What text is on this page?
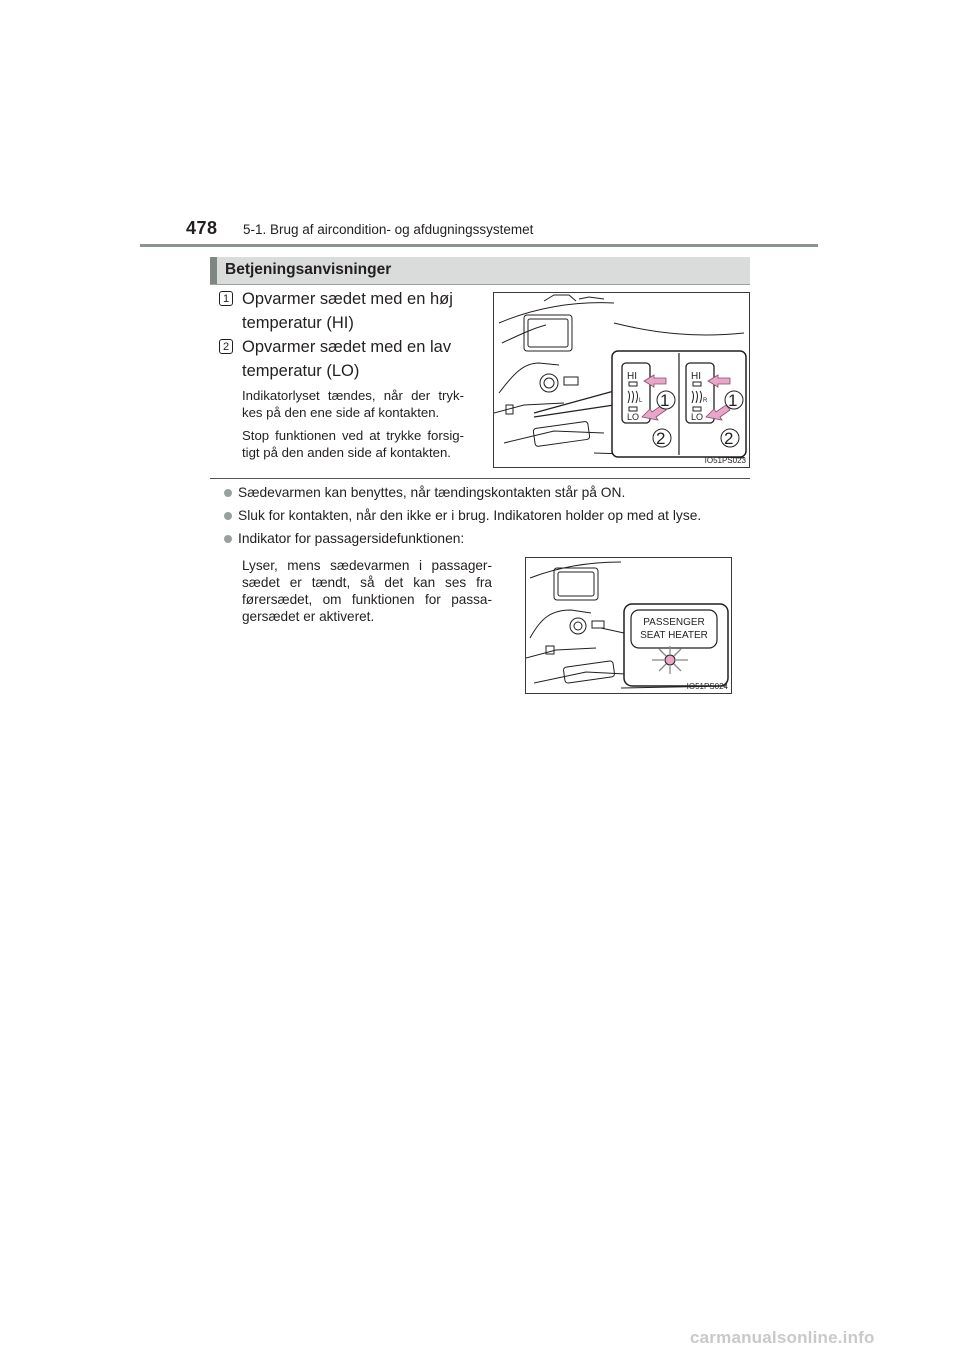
478 5-1. Brug af aircondition- og afdugningssystemet
Betjeningsanvisninger
1 Opvarmer sædet med en høj
temperatur (HI)
2 Opvarmer sædet med en lav
temperatur (LO)
Indikatorlyset tændes, når der tryk-kes på den ene side af kontakten.
Stop funktionen ved at trykke forsig-tigt på den anden side af kontakten.
HI
L
LO
HI
R
LO
1
2
1
2
IO51PS023
Sædevarmen kan benyttes, når tændingskontakten står på ON.
Sluk for kontakten, når den ikke er i brug. Indikatoren holder op med at lyse.
Indikator for passagersidefunktionen:
Lyser, mens sædevarmen i passager-sædet er tændt, så det kan ses fra førersædet, om funktionen for passa-gersædet er aktiveret.	PASSENGER
SEAT HEATER
IO51PS024
carmanualsonline.info
